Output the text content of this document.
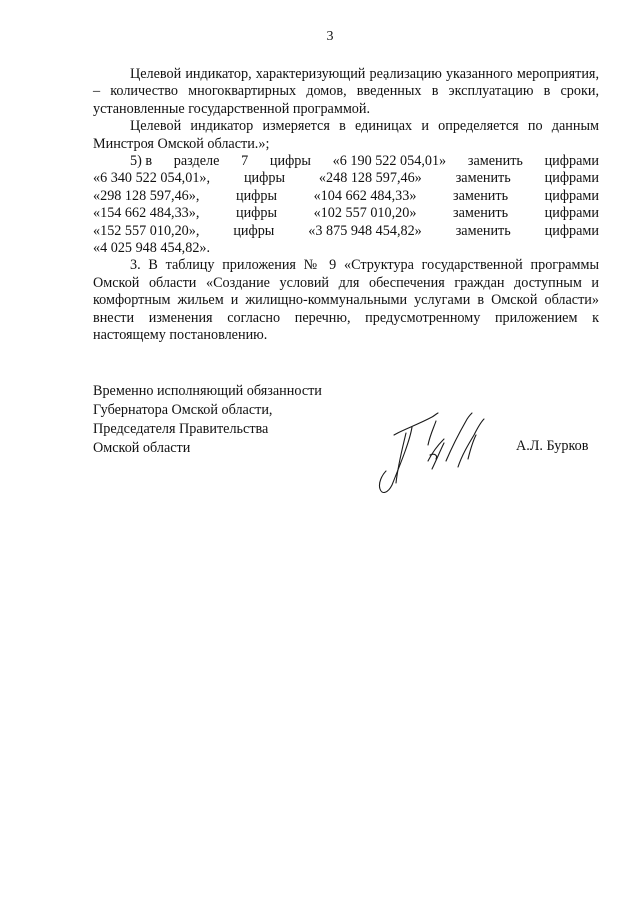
3

Целевой индикатор, характеризующий реализацию указанного мероприятия, – количество многоквартирных домов, введенных в эксплуатацию в сроки, установленные государственной программой.

Целевой индикатор измеряется в единицах и определяется по данным Минстроя Омской области.»;

5) в разделе 7 цифры «6 190 522 054,01» заменить цифрами
«6 340 522 054,01», цифры «248 128 597,46» заменить цифрами
«298 128 597,46»,	цифры	«104 662 484,33»	заменить	цифрами
«154 662 484,33»,	цифры	«102 557 010,20»	заменить	цифрами
«152 557 010,20», цифры «3 875 948 454,82» заменить цифрами
«4 025 948 454,82».

3. В таблицу приложения № 9 «Структура государственной программы Омской области «Создание условий для обеспечения граждан доступным и комфортным жильем и жилищно-коммунальными услугами в Омской области» внести изменения согласно перечню, предусмотренному приложением к настоящему постановлению.

Временно исполняющий обязанности
Губернатора Омской области,
Председателя Правительства
Омской области	А.Л. Бурков
